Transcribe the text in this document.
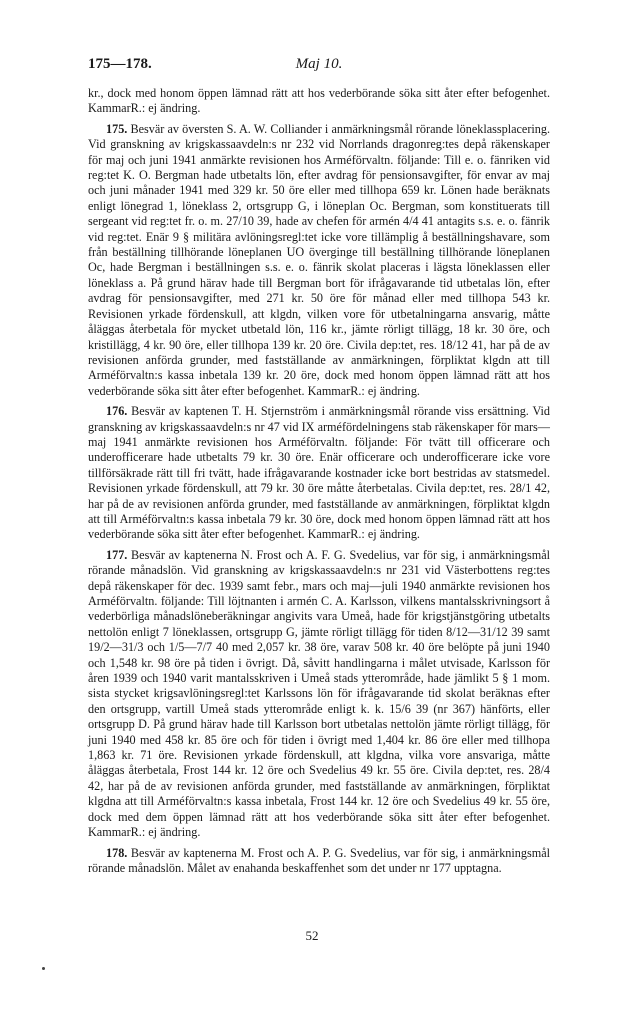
175—178.	Maj 10.

kr., dock med honom öppen lämnad rätt att hos vederbörande söka sitt åter efter befogenhet. KammarR.: ej ändring.

175. Besvär av översten S. A. W. Colliander i anmärkningsmål rörande löneklassplacering. Vid granskning av krigskassaavdeln:s nr 232 vid Norrlands dragonreg:tes depå räkenskaper för maj och juni 1941 anmärkte revisionen hos Arméförvaltn. följande: Till e. o. fänriken vid reg:tet K. O. Bergman hade utbetalts lön, efter avdrag för pensionsavgifter, för envar av maj och juni månader 1941 med 329 kr. 50 öre eller med tillhopa 659 kr. Lönen hade beräknats enligt lönegrad 1, löneklass 2, ortsgrupp G, i löneplan Oc. Bergman, som konstituerats till sergeant vid reg:tet fr. o. m. 27/10 39, hade av chefen för armén 4/4 41 antagits s.s. e. o. fänrik vid reg:tet. Enär 9 § militära avlöningsregl:tet icke vore tillämplig å beställningshavare, som från beställning tillhörande löneplanen UO överginge till beställning tillhörande löneplanen Oc, hade Bergman i beställningen s.s. e. o. fänrik skolat placeras i lägsta löneklassen eller löneklass a. På grund härav hade till Bergman bort för ifrågavarande tid utbetalas lön, efter avdrag för pensionsavgifter, med 271 kr. 50 öre för månad eller med tillhopa 543 kr. Revisionen yrkade fördenskull, att klgdn, vilken vore för utbetalningarna ansvarig, måtte åläggas återbetala för mycket utbetald lön, 116 kr., jämte rörligt tillägg, 18 kr. 30 öre, och kristillägg, 4 kr. 90 öre, eller tillhopa 139 kr. 20 öre. Civila dep:tet, res. 18/12 41, har på de av revisionen anförda grunder, med fastställande av anmärkningen, förpliktat klgdn att till Arméförvaltn:s kassa inbetala 139 kr. 20 öre, dock med honom öppen lämnad rätt att hos vederbörande söka sitt åter efter befogenhet. KammarR.: ej ändring.

176. Besvär av kaptenen T. H. Stjernström i anmärkningsmål rörande viss ersättning. Vid granskning av krigskassaavdeln:s nr 47 vid IX arméfördelningens stab räkenskaper för mars—maj 1941 anmärkte revisionen hos Arméförvaltn. följande: För tvätt till officerare och underofficerare hade utbetalts 79 kr. 30 öre. Enär officerare och underofficerare icke vore tillförsäkrade rätt till fri tvätt, hade ifrågavarande kostnader icke bort bestridas av statsmedel. Revisionen yrkade fördenskull, att 79 kr. 30 öre måtte återbetalas. Civila dep:tet, res. 28/1 42, har på de av revisionen anförda grunder, med fastställande av anmärkningen, förpliktat klgdn att till Arméförvaltn:s kassa inbetala 79 kr. 30 öre, dock med honom öppen lämnad rätt att hos vederbörande söka sitt åter efter befogenhet. KammarR.: ej ändring.

177. Besvär av kaptenerna N. Frost och A. F. G. Svedelius, var för sig, i anmärkningsmål rörande månadslön. Vid granskning av krigskassaavdeln:s nr 231 vid Västerbottens reg:tes depå räkenskaper för dec. 1939 samt febr., mars och maj—juli 1940 anmärkte revisionen hos Arméförvaltn. följande: Till löjtnanten i armén C. A. Karlsson, vilkens mantalsskrivningsort å vederbörliga månadslöneberäkningar angivits vara Umeå, hade för krigstjänstgöring utbetalts nettolön enligt 7 löneklassen, ortsgrupp G, jämte rörligt tillägg för tiden 8/12—31/12 39 samt 19/2—31/3 och 1/5—7/7 40 med 2,057 kr. 38 öre, varav 508 kr. 40 öre belöpte på juni 1940 och 1,548 kr. 98 öre på tiden i övrigt. Då, såvitt handlingarna i målet utvisade, Karlsson för åren 1939 och 1940 varit mantalsskriven i Umeå stads ytterområde, hade jämlikt 5 § 1 mom. sista stycket krigsavlöningsregl:tet Karlssons lön för ifrågavarande tid skolat beräknas efter den ortsgrupp, vartill Umeå stads ytterområde enligt k. k. 15/6 39 (nr 367) hänförts, eller ortsgrupp D. På grund härav hade till Karlsson bort utbetalas nettolön jämte rörligt tillägg, för juni 1940 med 458 kr. 85 öre och för tiden i övrigt med 1,404 kr. 86 öre eller med tillhopa 1,863 kr. 71 öre. Revisionen yrkade fördenskull, att klgdna, vilka vore ansvariga, måtte åläggas återbetala, Frost 144 kr. 12 öre och Svedelius 49 kr. 55 öre. Civila dep:tet, res. 28/4 42, har på de av revisionen anförda grunder, med fastställande av anmärkningen, förpliktat klgdna att till Arméförvaltn:s kassa inbetala, Frost 144 kr. 12 öre och Svedelius 49 kr. 55 öre, dock med dem öppen lämnad rätt att hos vederbörande söka sitt åter efter befogenhet. KammarR.: ej ändring.

178. Besvär av kaptenerna M. Frost och A. P. G. Svedelius, var för sig, i anmärkningsmål rörande månadslön. Målet av enahanda beskaffenhet som det under nr 177 upptagna.

52
